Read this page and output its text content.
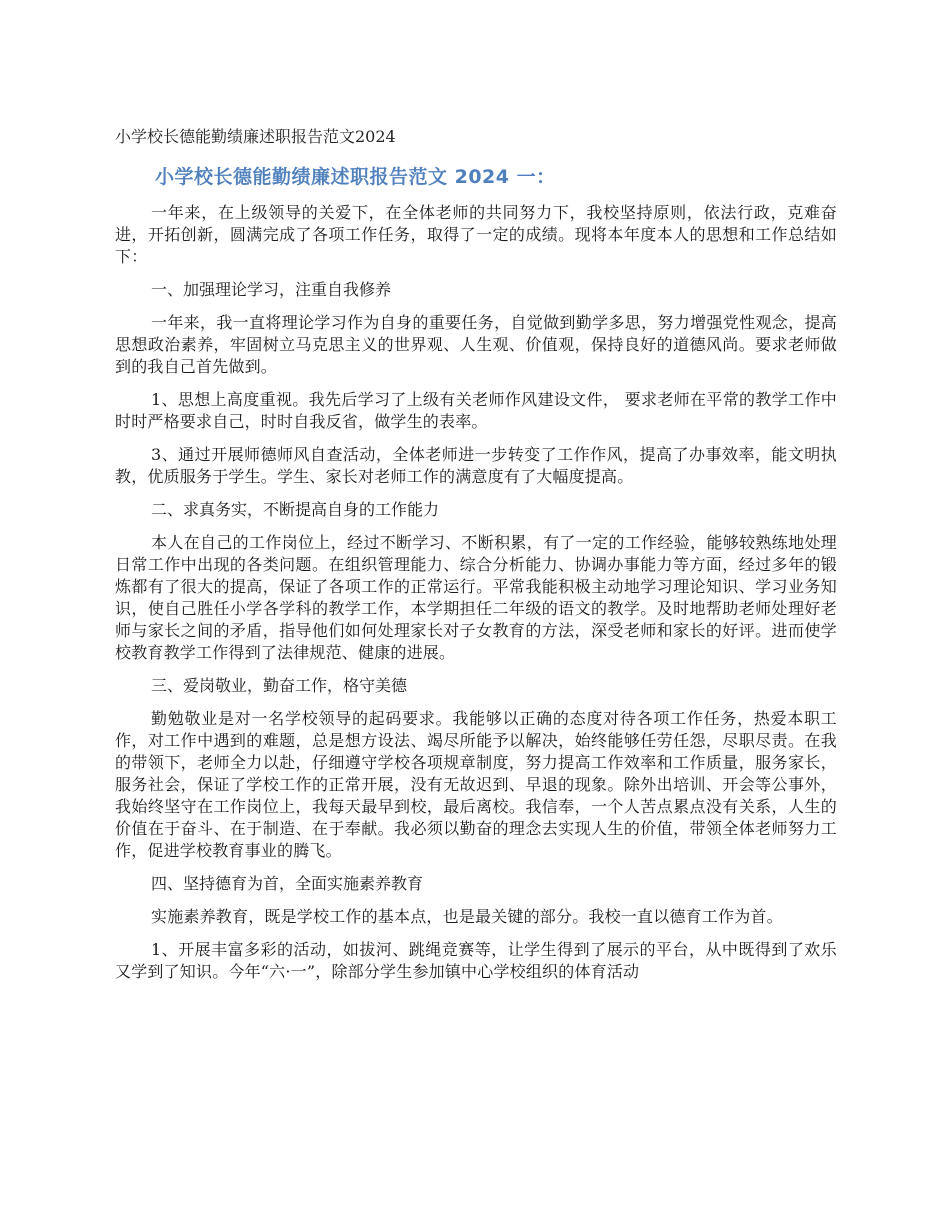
小学校长德能勤绩廉述职报告范文2024
小学校长德能勤绩廉述职报告范文 2024 一：
一年来，在上级领导的关爱下，在全体老师的共同努力下，我校坚持原则，依法行政，克难奋进，开拓创新，圆满完成了各项工作任务，取得了一定的成绩。现将本年度本人的思想和工作总结如下：
一、加强理论学习，注重自我修养
一年来，我一直将理论学习作为自身的重要任务，自觉做到勤学多思，努力增强党性观念，提高思想政治素养，牢固树立马克思主义的世界观、人生观、价值观，保持良好的道德风尚。要求老师做到的我自己首先做到。
1、思想上高度重视。我先后学习了上级有关老师作风建设文件， 要求老师在平常的教学工作中时时严格要求自己，时时自我反省，做学生的表率。
3、通过开展师德师风自查活动，全体老师进一步转变了工作作风，提高了办事效率，能文明执教，优质服务于学生。学生、家长对老师工作的满意度有了大幅度提高。
二、求真务实，不断提高自身的工作能力
本人在自己的工作岗位上，经过不断学习、不断积累，有了一定的工作经验，能够较熟练地处理日常工作中出现的各类问题。在组织管理能力、综合分析能力、协调办事能力等方面，经过多年的锻炼都有了很大的提高，保证了各项工作的正常运行。平常我能积极主动地学习理论知识、学习业务知识，使自己胜任小学各学科的教学工作，本学期担任二年级的语文的教学。及时地帮助老师处理好老师与家长之间的矛盾，指导他们如何处理家长对子女教育的方法，深受老师和家长的好评。进而使学校教育教学工作得到了法律规范、健康的进展。
三、爱岗敬业，勤奋工作，格守美德
勤勉敬业是对一名学校领导的起码要求。我能够以正确的态度对待各项工作任务，热爱本职工作，对工作中遇到的难题，总是想方设法、竭尽所能予以解决，始终能够任劳任怨，尽职尽责。在我的带领下，老师全力以赴，仔细遵守学校各项规章制度，努力提高工作效率和工作质量，服务家长，服务社会，保证了学校工作的正常开展，没有无故迟到、早退的现象。除外出培训、开会等公事外，我始终坚守在工作岗位上，我每天最早到校，最后离校。我信奉，一个人苦点累点没有关系，人生的价值在于奋斗、在于制造、在于奉献。我必须以勤奋的理念去实现人生的价值，带领全体老师努力工作，促进学校教育事业的腾飞。
四、坚持德育为首，全面实施素养教育
实施素养教育，既是学校工作的基本点，也是最关键的部分。我校一直以德育工作为首。
1、开展丰富多彩的活动，如拔河、跳绳竞赛等，让学生得到了展示的平台，从中既得到了欢乐又学到了知识。今年“六·一”，除部分学生参加镇中心学校组织的体育活动
